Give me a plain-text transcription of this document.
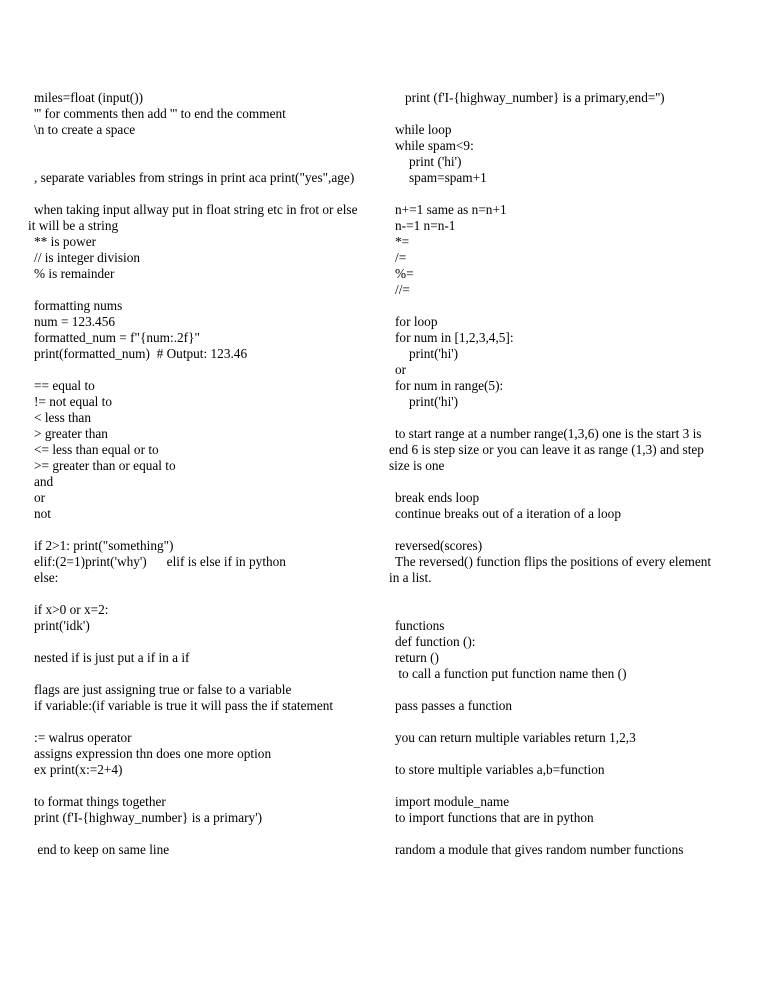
miles=float (input())
''' for comments then add ''' to end the comment
\n to create a space
, separate variables from strings in print aca print("yes",age)
when taking input allway put in float string etc in frot or else it will be a string
** is power
// is integer division
% is remainder
formatting nums
num = 123.456
formatted_num = f"{num:.2f}"
print(formatted_num)  # Output: 123.46
== equal to
!= not equal to
< less than
> greater than
<= less than equal or to
>= greater than or equal to
and
or
not
if 2>1: print("something")
elif:(2=1)print('why')      elif is else if in python
else:
if x>0 or x=2:
print('idk')
nested if is just put a if in a if
flags are just assigning true or false to a variable
if variable:(if variable is true it will pass the if statement
:= walrus operator
assigns expression thn does one more option
ex print(x:=2+4)
to format things together
print (f'I-{highway_number} is a primary')
end to keep on same line
print (f'I-{highway_number} is a primary,end='')
while loop
while spam<9:
print ('hi')
spam=spam+1
n+=1 same as n=n+1
n-=1 n=n-1
*=
/=
%=
//=
for loop
for num in [1,2,3,4,5]:
print('hi')
or
for num in range(5):
print('hi')
to start range at a number range(1,3,6) one is the start 3 is end 6 is step size or you can leave it as range (1,3) and step size is one
break ends loop
continue breaks out of a iteration of a loop
reversed(scores)
The reversed() function flips the positions of every element in a list.
functions
def function ():
return ()
to call a function put function name then ()
pass passes a function
you can return multiple variables return 1,2,3
to store multiple variables a,b=function
import module_name
to import functions that are in python
random a module that gives random number functions
